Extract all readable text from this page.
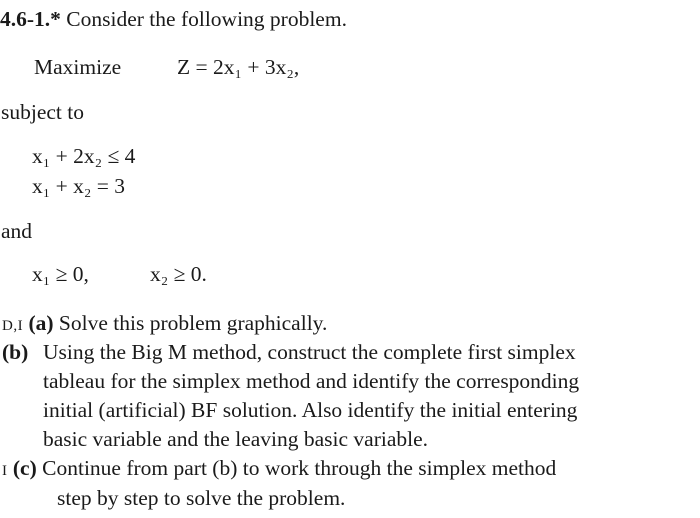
4.6-1.* Consider the following problem.
Maximize	Z = 2x₁ + 3x₂,
subject to
x₁ + 2x₂ ≤ 4
x₁ + x₂ = 3
and
x₁ ≥ 0,	x₂ ≥ 0.
D,I (a) Solve this problem graphically.
(b) Using the Big M method, construct the complete first simplex
tableau for the simplex method and identify the corresponding
initial (artificial) BF solution. Also identify the initial entering
basic variable and the leaving basic variable.
I (c) Continue from part (b) to work through the simplex method
step by step to solve the problem.
